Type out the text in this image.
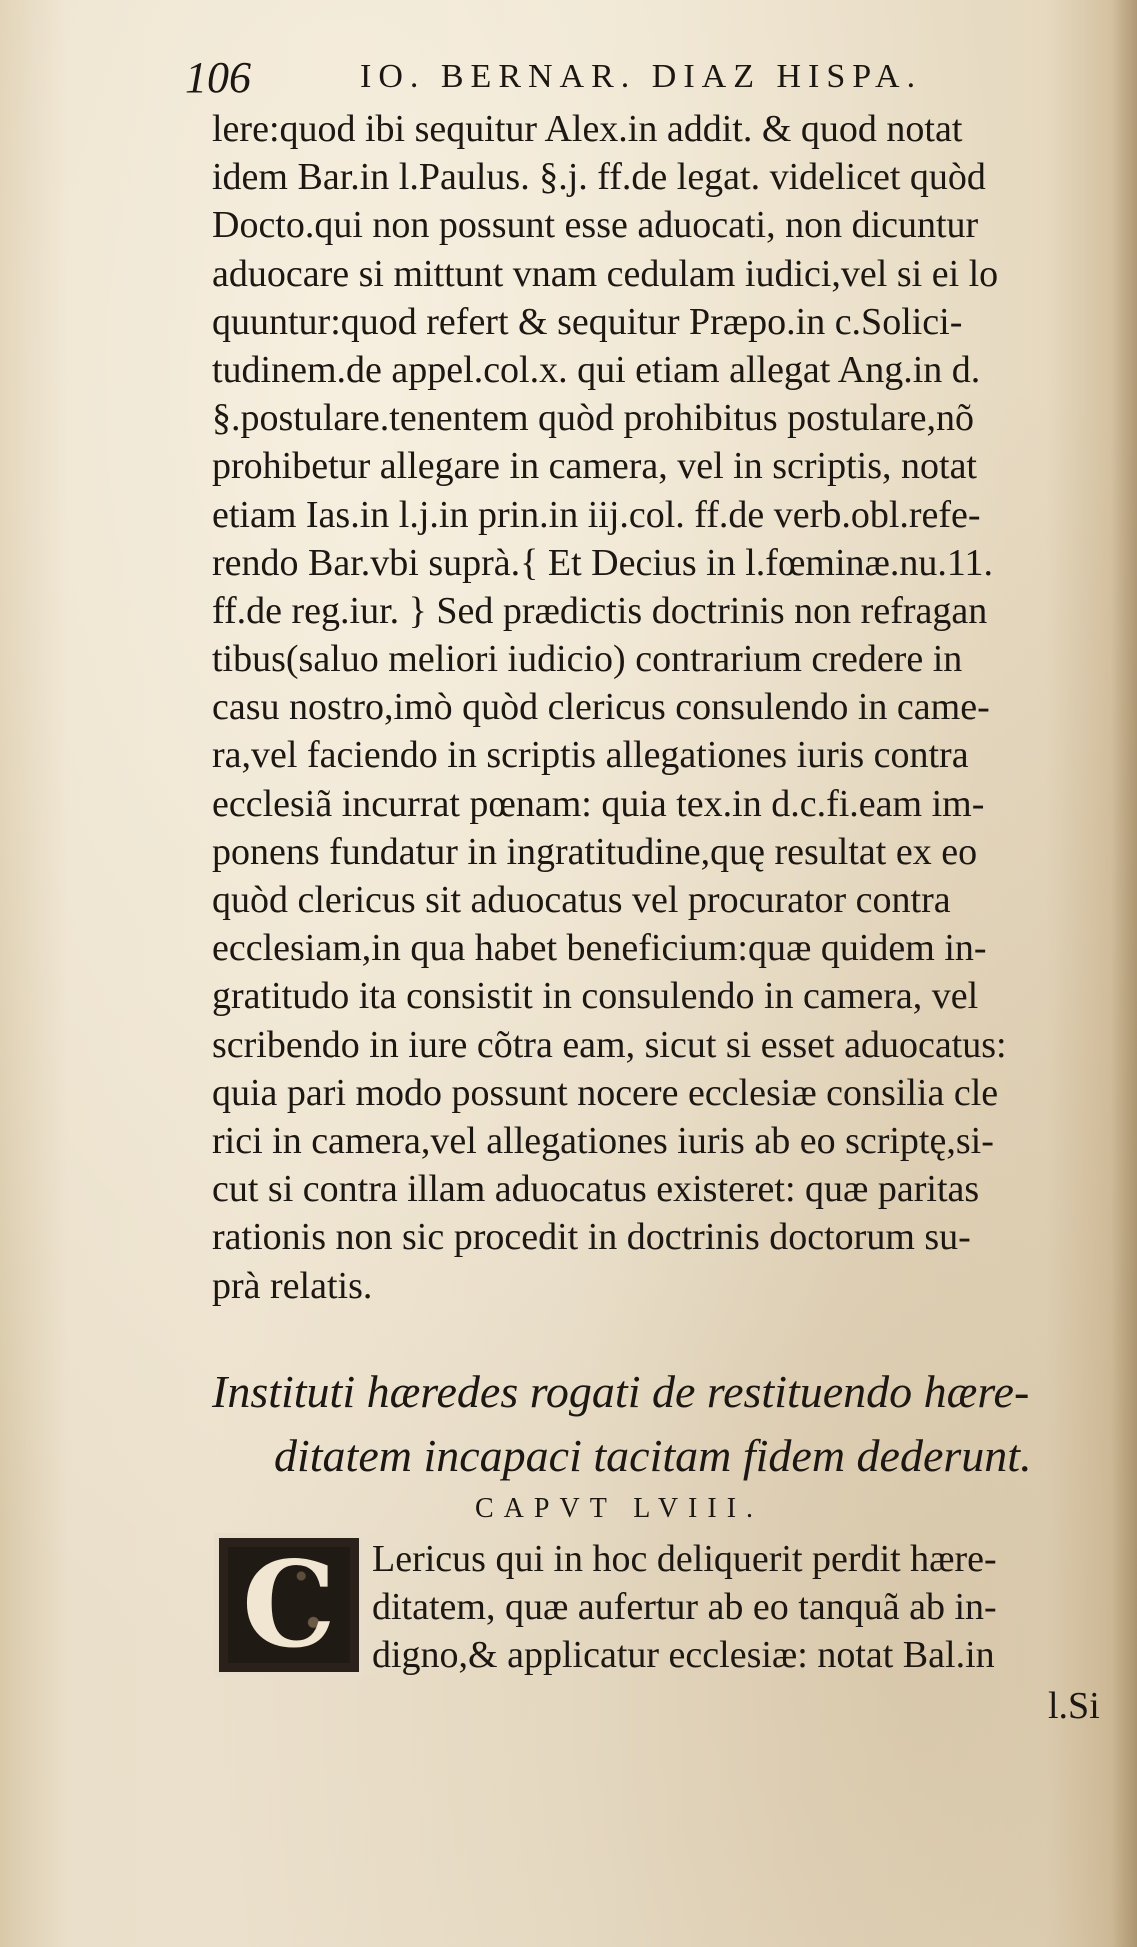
106	IO. BERNAR. DIAZ HISPA.
lere:quod ibi sequitur Alex.in addit. & quod notat
idem Bar.in l.Paulus. §.j. ff.de legat. videlicet quòd
Docto.qui non possunt esse aduocati, non dicuntur
aduocare si mittunt vnam cedulam iudici,vel si ei lo
quuntur:quod refert & sequitur Præpo.in c.Solici-
tudinem.de appel.col.x. qui etiam allegat Ang.in d.
§.postulare.tenentem quòd prohibitus postulare,nõ
prohibetur allegare in camera, vel in scriptis, notat
etiam Ias.in l.j.in prin.in iij.col. ff.de verb.obl.refe-
rendo Bar.vbi suprà.{ Et Decius in l.fœminæ.nu.11.
ff.de reg.iur. } Sed prædictis doctrinis non refragan
tibus(saluo meliori iudicio) contrarium credere in
casu nostro,imò quòd clericus consulendo in came-
ra,vel faciendo in scriptis allegationes iuris contra
ecclesiã incurrat pœnam: quia tex.in d.c.fi.eam im-
ponens fundatur in ingratitudine,quę resultat ex eo
quòd clericus sit aduocatus vel procurator contra
ecclesiam,in qua habet beneficium:quæ quidem in-
gratitudo ita consistit in consulendo in camera, vel
scribendo in iure cõtra eam, sicut si esset aduocatus:
quia pari modo possunt nocere ecclesiæ consilia cle
rici in camera,vel allegationes iuris ab eo scriptę,si-
cut si contra illam aduocatus existeret: quæ paritas
rationis non sic procedit in doctrinis doctorum su-
prà relatis.
Instituti hæredes rogati de restituendo hære-
ditatem incapaci tacitam fidem dederunt.
CAPVT LVIII.
C Lericus qui in hoc deliquerit perdit hære-
ditatem, quæ aufertur ab eo tanquã ab in-
digno,& applicatur ecclesiæ: notat Bal.in
l.Si
